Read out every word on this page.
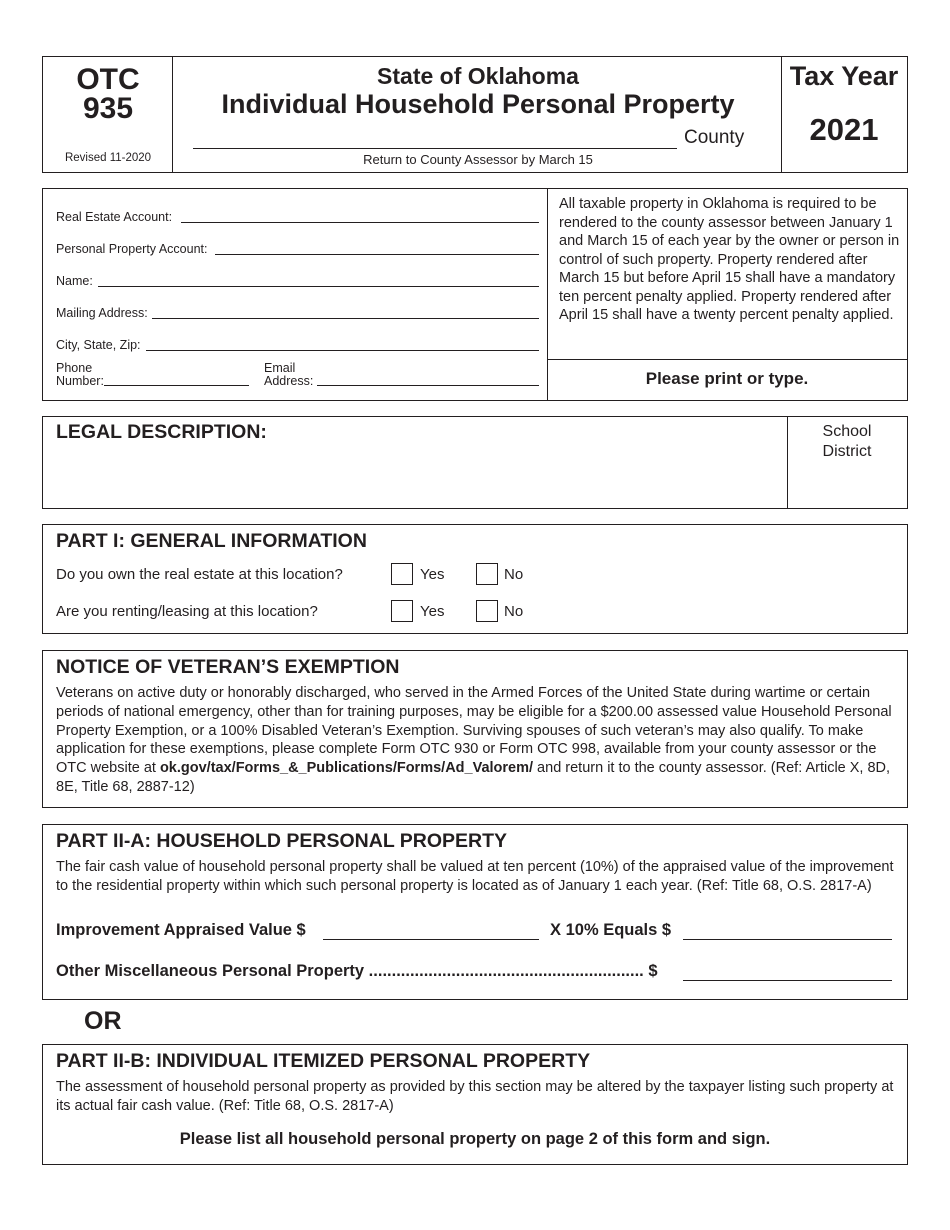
OTC
935
Revised 11-2020
State of Oklahoma
Individual Household Personal Property
County
Return to County Assessor by March 15
Tax Year
2021
Real Estate Account:
Personal Property Account:
Name:
Mailing Address:
City, State, Zip:
Phone
Number:
Email
Address:
All taxable property in Oklahoma is required to be rendered to the county assessor between January 1 and March 15 of each year by the owner or person in control of such property. Property rendered after March 15 but before April 15 shall have a mandatory ten percent penalty applied. Property rendered after April 15 shall have a twenty percent penalty applied.
Please print or type.
LEGAL DESCRIPTION:	School
District
PART I: GENERAL INFORMATION
Do you own the real estate at this location?	Yes	No
Are you renting/leasing at this location?	Yes	No
NOTICE OF VETERAN’S EXEMPTION
Veterans on active duty or honorably discharged, who served in the Armed Forces of the United State during wartime or certain periods of national emergency, other than for training purposes, may be eligible for a $200.00 assessed value Household Personal Property Exemption, or a 100% Disabled Veteran’s Exemption. Surviving spouses of such veteran’s may also qualify. To make application for these exemptions, please complete Form OTC 930 or Form OTC 998, available from your county assessor or the OTC website at ok.gov/tax/Forms_&_Publications/Forms/Ad_Valorem/ and return it to the county assessor. (Ref: Article X, 8D, 8E, Title 68, 2887-12)
PART II-A: HOUSEHOLD PERSONAL PROPERTY
The fair cash value of household personal property shall be valued at ten percent (10%) of the appraised value of the improvement to the residential property within which such personal property is located as of January 1 each year. (Ref: Title 68, O.S. 2817-A)
Improvement Appraised Value $	X 10% Equals $
Other Miscellaneous Personal Property ............................................................ $
OR
PART II-B: INDIVIDUAL ITEMIZED PERSONAL PROPERTY
The assessment of household personal property as provided by this section may be altered by the taxpayer listing such property at its actual fair cash value. (Ref: Title 68, O.S. 2817-A)
Please list all household personal property on page 2 of this form and sign.
